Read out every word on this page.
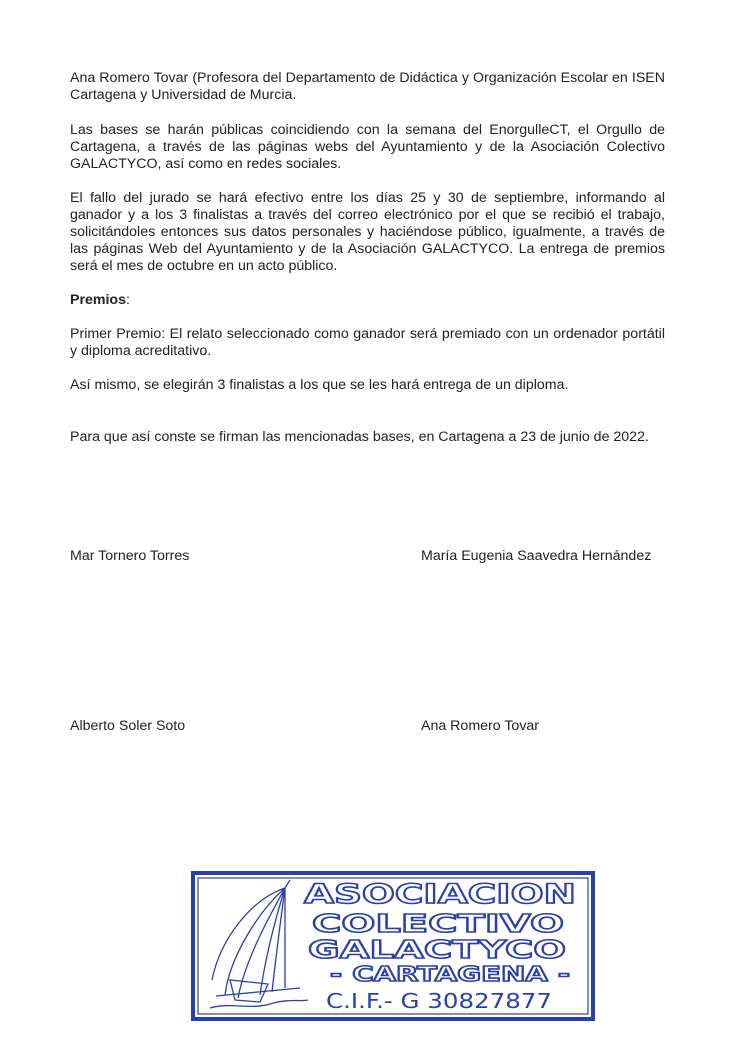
Ana Romero Tovar (Profesora del Departamento de Didáctica y Organización Escolar en ISEN Cartagena y Universidad de Murcia.

Las bases se harán públicas coincidiendo con la semana del EnorgulleCT, el Orgullo de Cartagena, a través de las páginas webs del Ayuntamiento y de la Asociación Colectivo GALACTYCO, así como en redes sociales.

El fallo del jurado se hará efectivo entre los días 25 y 30 de septiembre, informando al ganador y a los 3 finalistas a través del correo electrónico por el que se recibió el trabajo, solicitándoles entonces sus datos personales y haciéndose público, igualmente, a través de las páginas Web del Ayuntamiento y de la Asociación GALACTYCO. La entrega de premios será el mes de octubre en un acto público.

Premios:

Primer Premio: El relato seleccionado como ganador será premiado con un ordenador portátil y diploma acreditativo.

Así mismo, se elegirán 3 finalistas a los que se les hará entrega de un diploma.

Para que así conste se firman las mencionadas bases, en Cartagena a 23 de junio de 2022.

Mar Tornero Torres	María Eugenia Saavedra Hernández

Alberto Soler Soto	Ana Romero Tovar

ASOCIACION
COLECTIVO
GALACTYCO
- CARTAGENA -
C.I.F.- G 30827877
